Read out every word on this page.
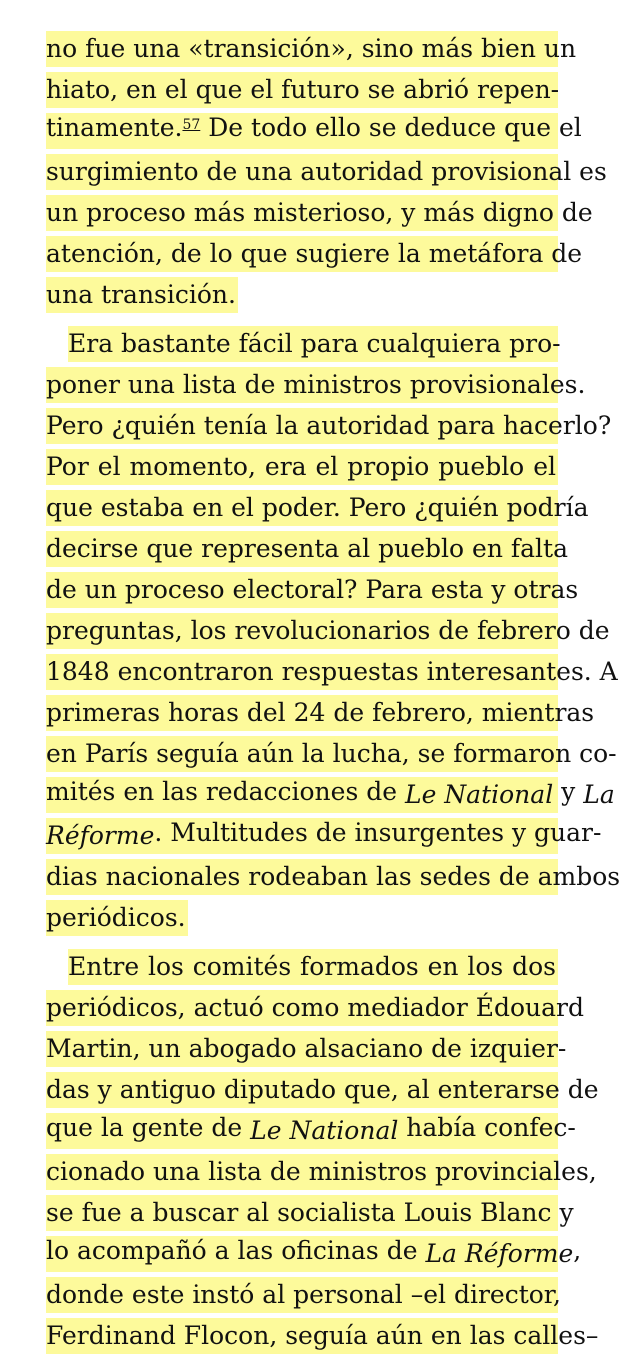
no fue una «transición», sino más bien un
hiato, en el que el futuro se abrió repen-
tinamente.$^{57}$ De todo ello se deduce que el
surgimiento de una autoridad provisional es
un proceso más misterioso, y más digno de
atención, de lo que sugiere la metáfora de
una transición.
Era bastante fácil para cualquiera pro-
poner una lista de ministros provisionales.
Pero ¿quién tenía la autoridad para hacerlo?
Por el momento, era el propio pueblo el
que estaba en el poder. Pero ¿quién podría
decirse que representa al pueblo en falta
de un proceso electoral? Para esta y otras
preguntas, los revolucionarios de febrero de
1848 encontraron respuestas interesantes. A
primeras horas del 24 de febrero, mientras
en París seguía aún la lucha, se formaron co-
mités en las redacciones de Le National y La
Réforme. Multitudes de insurgentes y guar-
dias nacionales rodeaban las sedes de ambos
periódicos.
Entre los comités formados en los dos
periódicos, actuó como mediador Édouard
Martin, un abogado alsaciano de izquier-
das y antiguo diputado que, al enterarse de
que la gente de Le National había confec-
cionado una lista de ministros provinciales,
se fue a buscar al socialista Louis Blanc y
lo acompañó a las oficinas de La Réforme,
donde este instó al personal –el director,
Ferdinand Flocon, seguía aún en las calles–
